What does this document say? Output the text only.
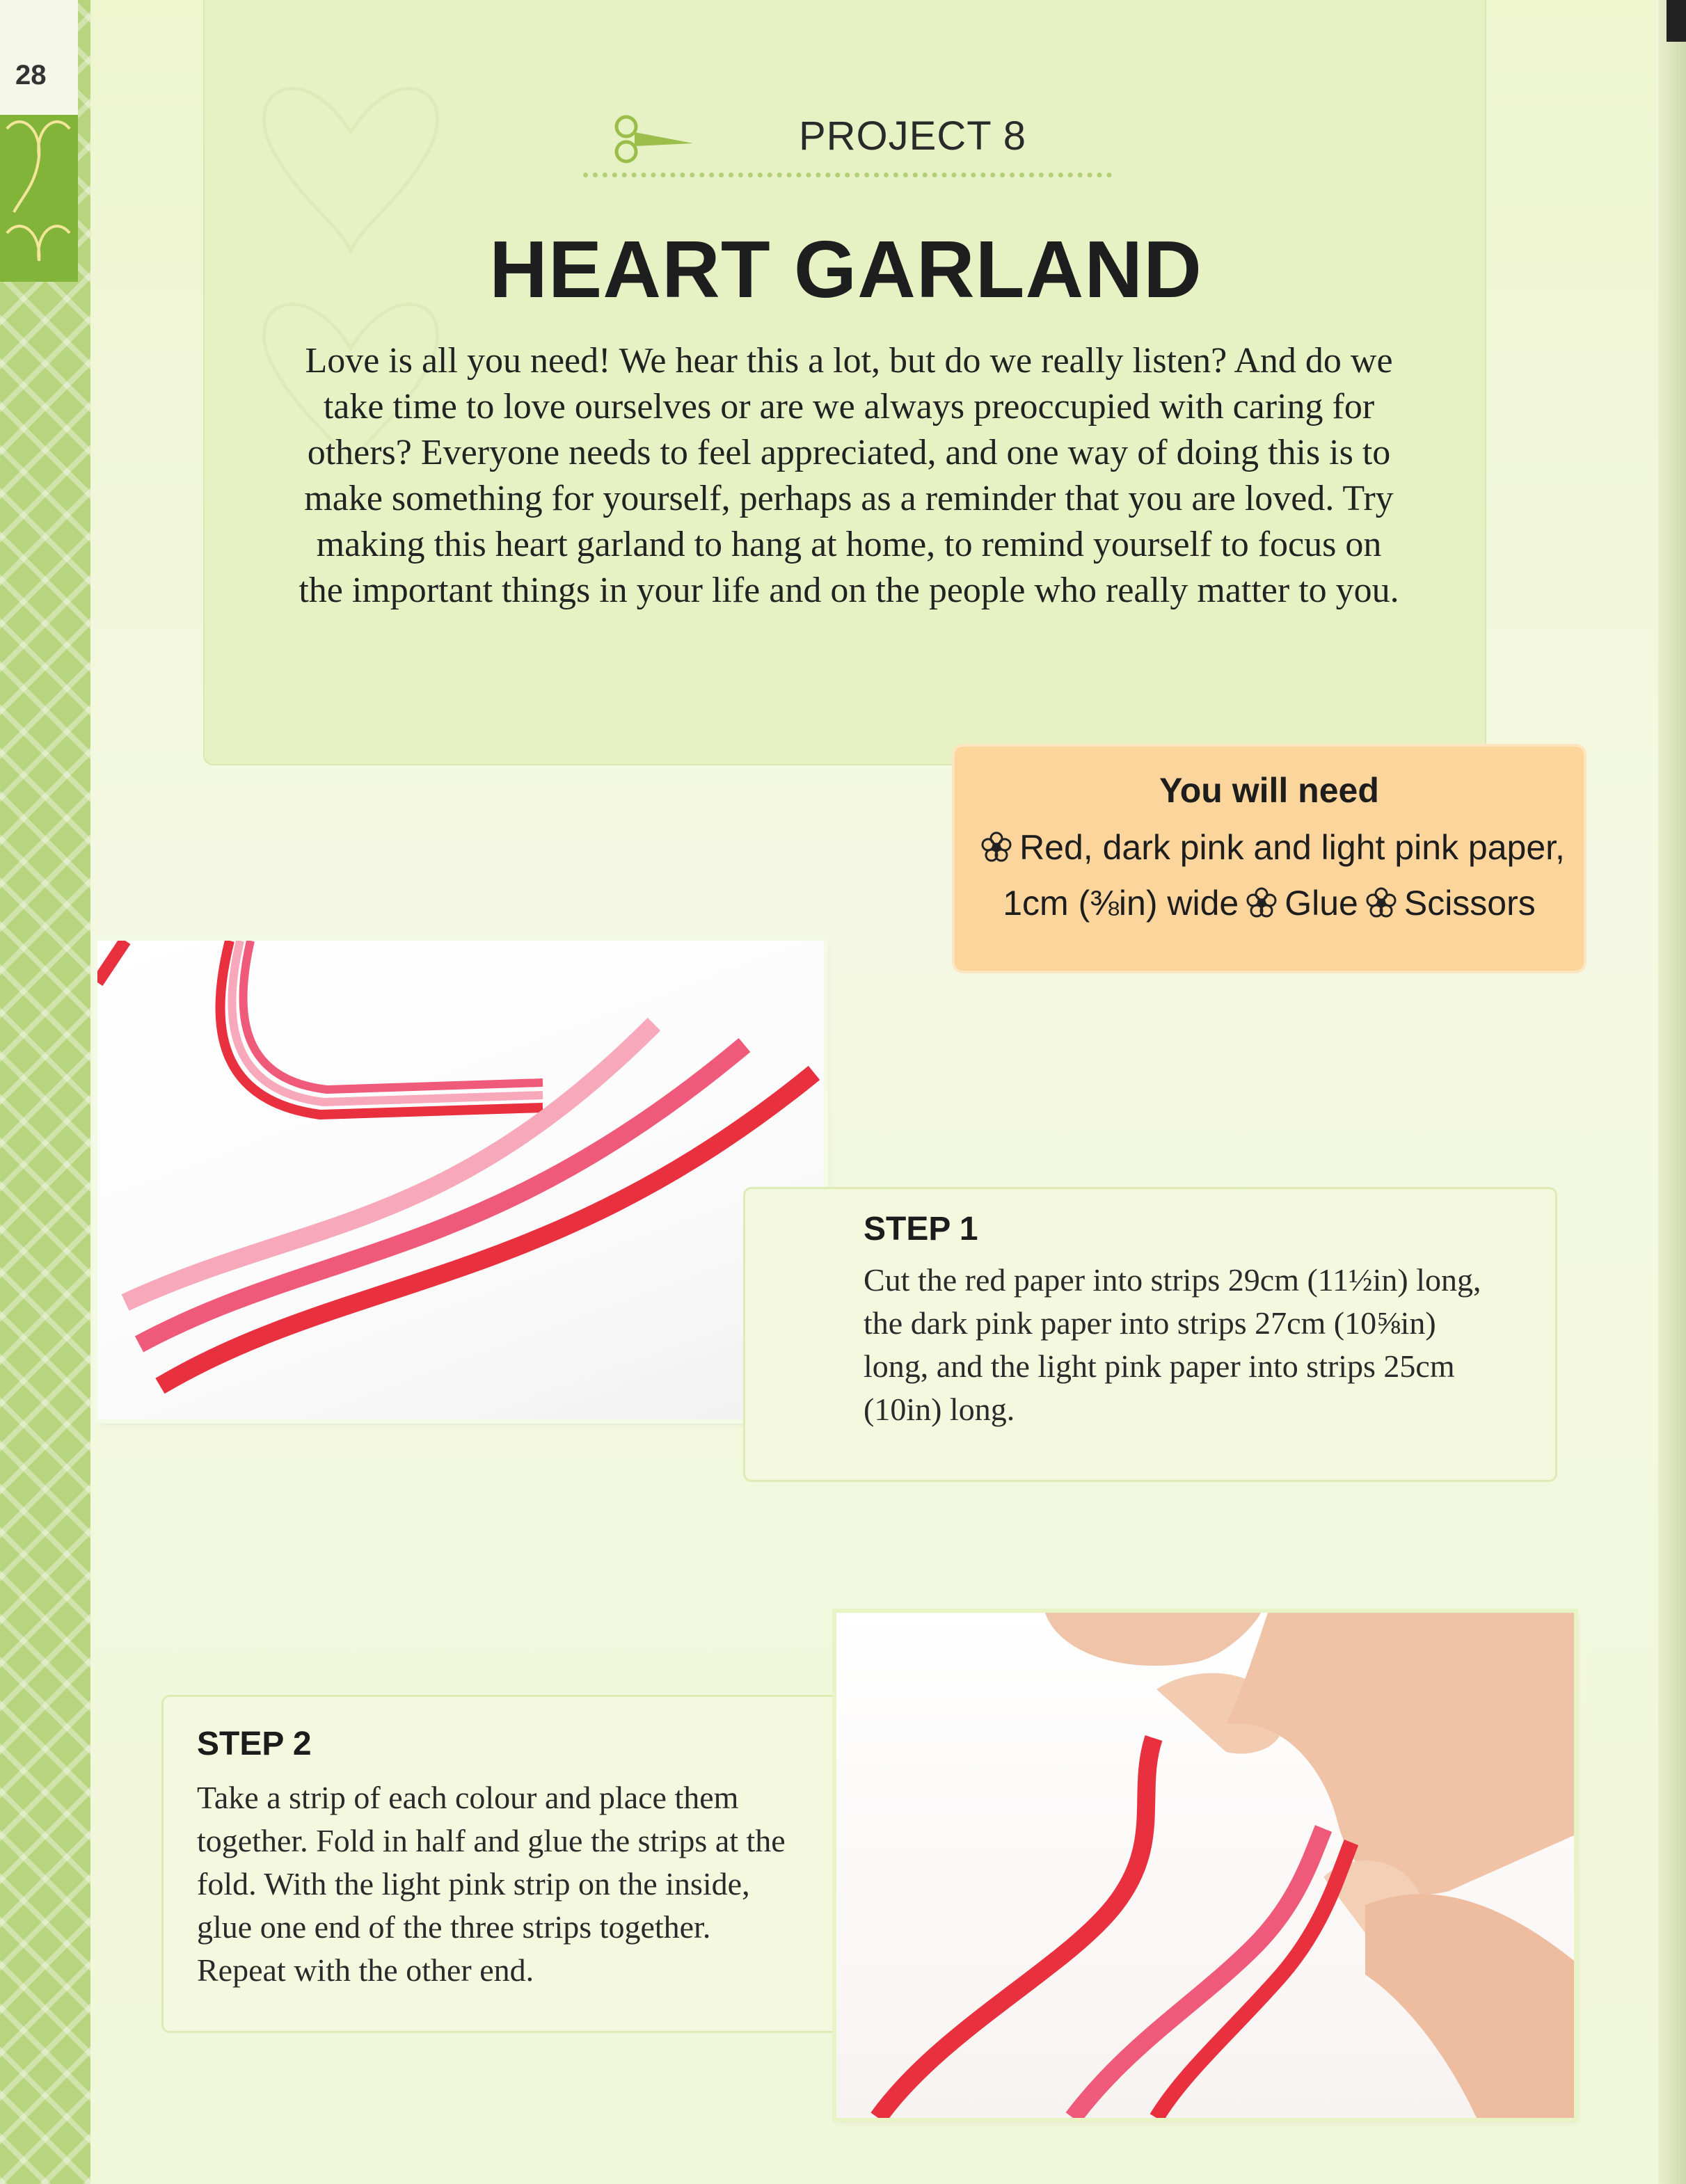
28
PROJECT 8
HEART GARLAND
Love is all you need! We hear this a lot, but do we really listen? And do we
take time to love ourselves or are we always preoccupied with caring for
others? Everyone needs to feel appreciated, and one way of doing this is to
make something for yourself, perhaps as a reminder that you are loved. Try
making this heart garland to hang at home, to remind yourself to focus on
the important things in your life and on the people who really matter to you.
You will need
Red, dark pink and light pink paper,
1cm (⅜in) wide Glue Scissors
STEP 1
Cut the red paper into strips 29cm (11½in) long,
the dark pink paper into strips 27cm (10⅝in)
long, and the light pink paper into strips 25cm
(10in) long.
STEP 2
Take a strip of each colour and place them
together. Fold in half and glue the strips at the
fold. With the light pink strip on the inside,
glue one end of the three strips together.
Repeat with the other end.
